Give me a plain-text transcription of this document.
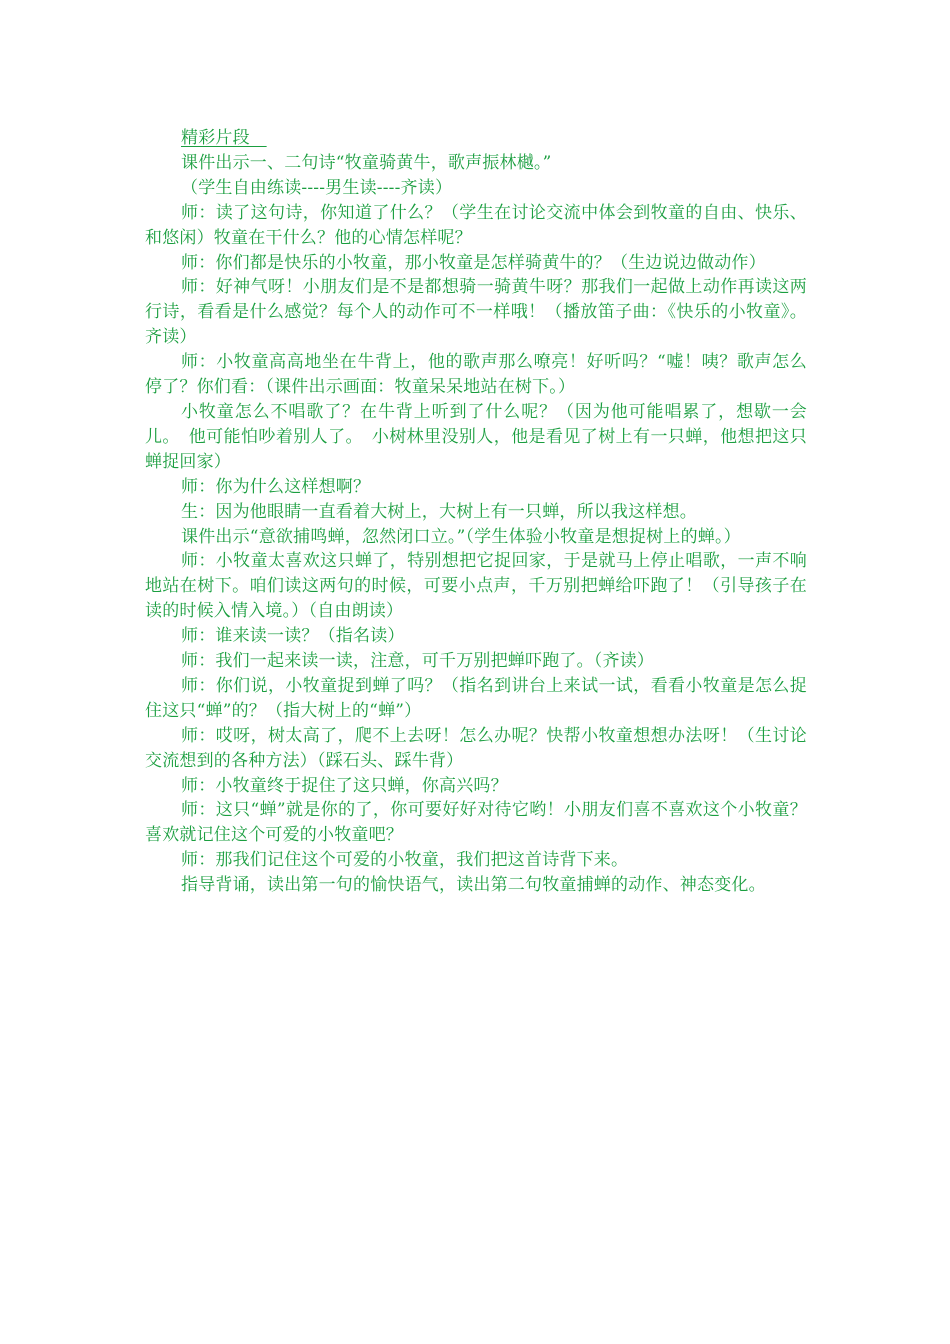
精彩片段

课件出示一、二句诗“牧童骑黄牛，歌声振林樾。”

（学生自由练读----男生读----齐读）

师：读了这句诗，你知道了什么？（学生在讨论交流中体会到牧童的自由、快乐、和悠闲）牧童在干什么？他的心情怎样呢？

师：你们都是快乐的小牧童，那小牧童是怎样骑黄牛的？（生边说边做动作）

师：好神气呀！小朋友们是不是都想骑一骑黄牛呀？那我们一起做上动作再读这两行诗，看看是什么感觉？每个人的动作可不一样哦！（播放笛子曲：《快乐的小牧童》。齐读）

师：小牧童高高地坐在牛背上，他的歌声那么嘹亮！好听吗？“嘘！咦？歌声怎么停了？你们看：（课件出示画面：牧童呆呆地站在树下。）

小牧童怎么不唱歌了？在牛背上听到了什么呢？（因为他可能唱累了，想歇一会儿。　他可能怕吵着别人了。　小树林里没别人，他是看见了树上有一只蝉，他想把这只蝉捉回家）

师：你为什么这样想啊？

生：因为他眼睛一直看着大树上，大树上有一只蝉，所以我这样想。

课件出示“意欲捕鸣蝉，忽然闭口立。”（学生体验小牧童是想捉树上的蝉。）

师：小牧童太喜欢这只蝉了，特别想把它捉回家，于是就马上停止唱歌，一声不响地站在树下。咱们读这两句的时候，可要小点声，千万别把蝉给吓跑了！（引导孩子在读的时候入情入境。）（自由朗读）

师：谁来读一读？（指名读）

师：我们一起来读一读，注意，可千万别把蝉吓跑了。（齐读）

师：你们说，小牧童捉到蝉了吗？（指名到讲台上来试一试，看看小牧童是怎么捉住这只“蝉”的？（指大树上的“蝉”）

师：哎呀，树太高了，爬不上去呀！怎么办呢？快帮小牧童想想办法呀！（生讨论交流想到的各种方法）（踩石头、踩牛背）

师：小牧童终于捉住了这只蝉，你高兴吗？

师：这只“蝉”就是你的了，你可要好好对待它哟！小朋友们喜不喜欢这个小牧童？喜欢就记住这个可爱的小牧童吧？

师：那我们记住这个可爱的小牧童，我们把这首诗背下来。

指导背诵，读出第一句的愉快语气，读出第二句牧童捕蝉的动作、神态变化。
